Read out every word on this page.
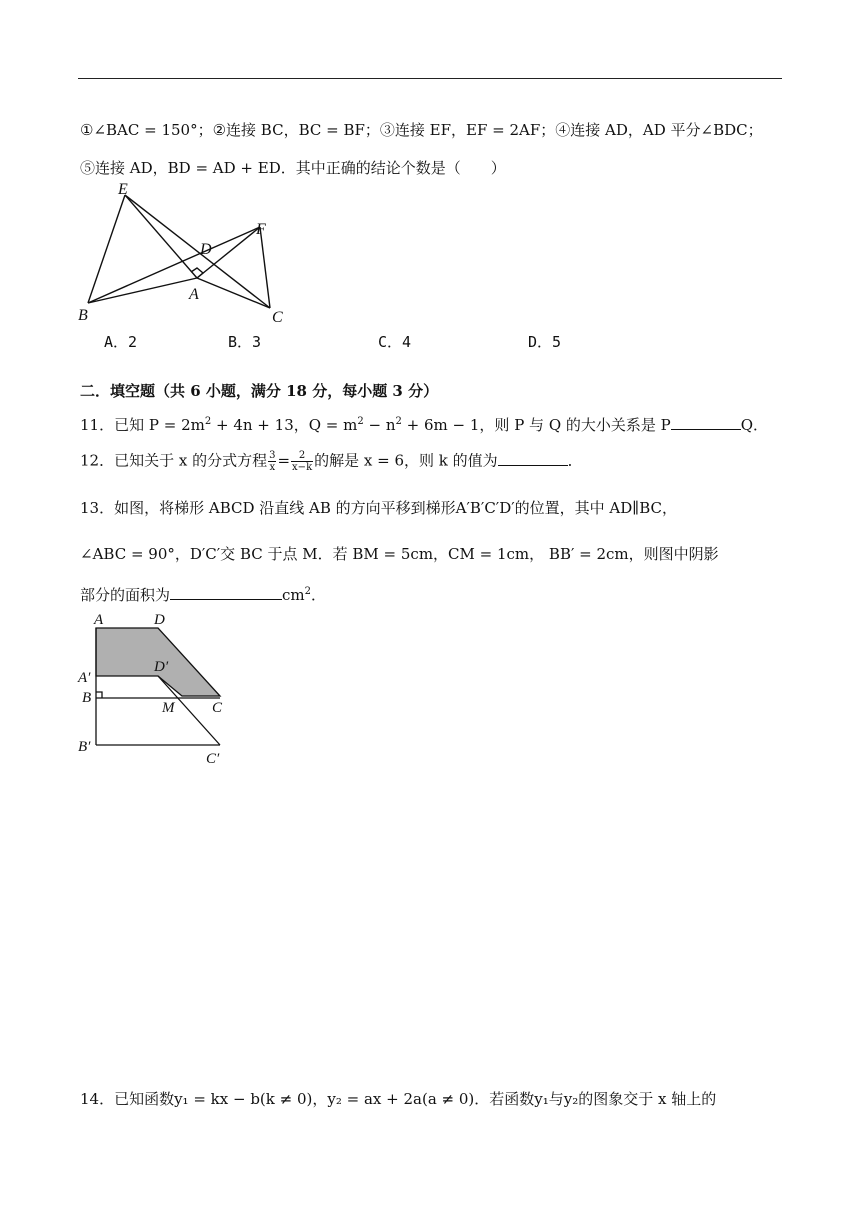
①∠BAC = 150°；②连接 BC，BC = BF；③连接 EF，EF = 2AF；④连接 AD，AD 平分∠BDC；
⑤连接 AD，BD = AD + ED．其中正确的结论个数是（　　）
E
D
F
A
B	C
A．2	B．3	C．4	D．5
二．填空题（共 6 小题，满分 18 分，每小题 3 分）
11．已知 $P = 2m^2 + 4n + 13$，$Q = m^2 - n^2 + 6m - 1$，则 P 与 Q 的大小关系是 P	Q．
12．已知关于 x 的分式方程 $\frac{3}{x} = \frac{2}{x-k}$ 的解是 x = 6，则 k 的值为	．
13．如图，将梯形 ABCD 沿直线 AB 的方向平移到梯形A′B′C′D′的位置，其中 AD∥BC，
∠ABC = 90°，D′C′交 BC 于点 M．若 BM = 5cm，CM = 1cm， BB′ = 2cm，则图中阴影
部分的面积为	$cm^2$．
A	D
D′
A′
B
M	C
B′
C′
14．已知函数y₁ = kx − b(k ≠ 0)，y₂ = ax + 2a(a ≠ 0)．若函数y₁与y₂的图象交于 x 轴上的
